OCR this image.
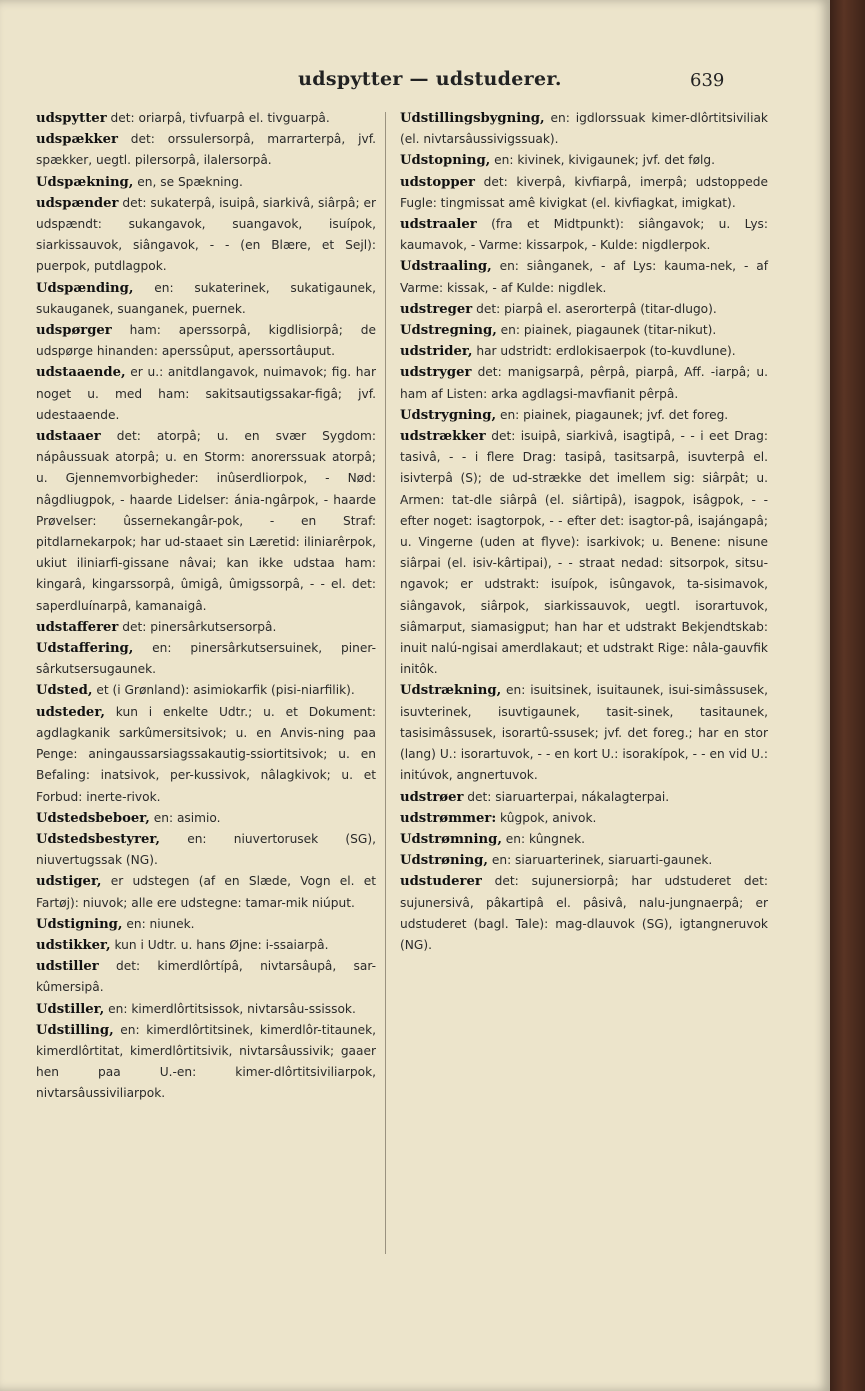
udspytter — udstuderer.	639

udspytter det: oriarpâ, tivfuarpâ el. tivguarpâ.

udspækker det: orssulersorpâ, marrarterpâ, jvf. spækker, uegtl. pilersorpâ, ilalersorpâ.

Udspækning, en, se Spækning.

udspænder det: sukaterpâ, isuipâ, siarkivâ, siârpâ; er udspændt: sukangavok, suangavok, isuípok, siarkissauvok, siângavok, - - (en Blære, et Sejl): puerpok, putdlagpok.

Udspænding, en: sukaterinek, sukatigaunek, sukauganek, suanganek, puernek.

udspørger ham: aperssorpâ, kigdlisiorpâ; de udspørge hinanden: aperssûput, aperssortâuput.

udstaaende, er u.: anitdlangavok, nuimavok; fig. har noget u. med ham: sakitsautigssakar-figâ; jvf. udestaaende.

udstaaer det: atorpâ; u. en svær Sygdom: nápâussuak atorpâ; u. en Storm: anorerssuak atorpâ; u. Gjennemvorbigheder: inûserdliorpok, - Nød: nâgdliugpok, - haarde Lidelser: ánia-ngârpok, - haarde Prøvelser: ûssernekangâr-pok, - en Straf: pitdlarnekarpok; har ud-staaet sin Læretid: iliniarêrpok, ukiut iliniarfi-gissane nâvai; kan ikke udstaa ham: kingarâ, kingarssorpâ, ûmigâ, ûmigssorpâ, - - el. det: saperdluínarpâ, kamanaigâ.

udstafferer det: pinersârkutsersorpâ.

Udstaffering, en: pinersârkutsersuinek, piner-sârkutsersugaunek.

Udsted, et (i Grønland): asimiokarfik (pisi-niarfilik).

udsteder, kun i enkelte Udtr.; u. et Dokument: agdlagkanik sarkûmersitsivok; u. en Anvis-ning paa Penge: aningaussarsiagssakautig-ssiortitsivok; u. en Befaling: inatsivok, per-kussivok, nâlagkivok; u. et Forbud: inerte-rivok.

Udstedsbeboer, en: asimio.

Udstedsbestyrer, en: niuvertorusek (SG), niuvertugssak (NG).

udstiger, er udstegen (af en Slæde, Vogn el. et Fartøj): niuvok; alle ere udstegne: tamar-mik niúput.

Udstigning, en: niunek.

udstikker, kun i Udtr. u. hans Øjne: i-ssaiarpâ.

udstiller det: kimerdlôrtípâ, nivtarsâupâ, sar-kûmersipâ.

Udstiller, en: kimerdlôrtitsissok, nivtarsâu-ssissok.

Udstilling, en: kimerdlôrtitsinek, kimerdlôr-titaunek, kimerdlôrtitat, kimerdlôrtitsivik, nivtarsâussivik; gaaer hen paa U.-en: kimer-dlôrtitsiviliarpok, nivtarsâussiviliarpok.

Udstillingsbygning, en: igdlorssuak kimer-dlôrtitsiviliak (el. nivtarsâussivigssuak).

Udstopning, en: kivinek, kivigaunek; jvf. det følg.

udstopper det: kiverpâ, kivfiarpâ, imerpâ; udstoppede Fugle: tingmissat amê kivigkat (el. kivfiagkat, imigkat).

udstraaler (fra et Midtpunkt): siângavok; u. Lys: kaumavok, - Varme: kissarpok, - Kulde: nigdlerpok.

Udstraaling, en: siânganek, - af Lys: kauma-nek, - af Varme: kissak, - af Kulde: nigdlek.

udstreger det: piarpâ el. aserorterpâ (titar-dlugo).

Udstregning, en: piainek, piagaunek (titar-nikut).

udstrider, har udstridt: erdlokisaerpok (to-kuvdlune).

udstryger det: manigsarpâ, pêrpâ, piarpâ, Aff. -iarpâ; u. ham af Listen: arka agdlagsi-mavfianit pêrpâ.

Udstrygning, en: piainek, piagaunek; jvf. det foreg.

udstrækker det: isuipâ, siarkivâ, isagtipâ, - - i eet Drag: tasivâ, - - i flere Drag: tasipâ, tasitsarpâ, isuvterpâ el. isivterpâ (S); de ud-strække det imellem sig: siârpât; u. Armen: tat-dle siârpâ (el. siârtipâ), isagpok, isâgpok, - - efter noget: isagtorpok, - - efter det: isagtor-pâ, isajángapâ; u. Vingerne (uden at flyve): isarkivok; u. Benene: nisune siârpai (el. isiv-kârtipai), - - straat nedad: sitsorpok, sitsu-ngavok; er udstrakt: isuípok, isûngavok, ta-sisimavok, siângavok, siârpok, siarkissauvok, uegtl. isorartuvok, siâmarput, siamasigput; han har et udstrakt Bekjendtskab: inuit nalú-ngisai amerdlakaut; et udstrakt Rige: nâla-gauvfik initôk.

Udstrækning, en: isuitsinek, isuitaunek, isui-simâssusek, isuvterinek, isuvtigaunek, tasit-sinek, tasitaunek, tasisimâssusek, isorartû-ssusek; jvf. det foreg.; har en stor (lang) U.: isorartuvok, - - en kort U.: isorakípok, - - en vid U.: initúvok, angnertuvok.

udstrøer det: siaruarterpai, nákalagterpai.

udstrømmer: kûgpok, anivok.

Udstrømning, en: kûngnek.

Udstrøning, en: siaruarterinek, siaruarti-gaunek.

udstuderer det: sujunersiorpâ; har udstuderet det: sujunersivâ, pâkartipâ el. pâsivâ, nalu-jungnaerpâ; er udstuderet (bagl. Tale): mag-dlauvok (SG), igtangneruvok (NG).
